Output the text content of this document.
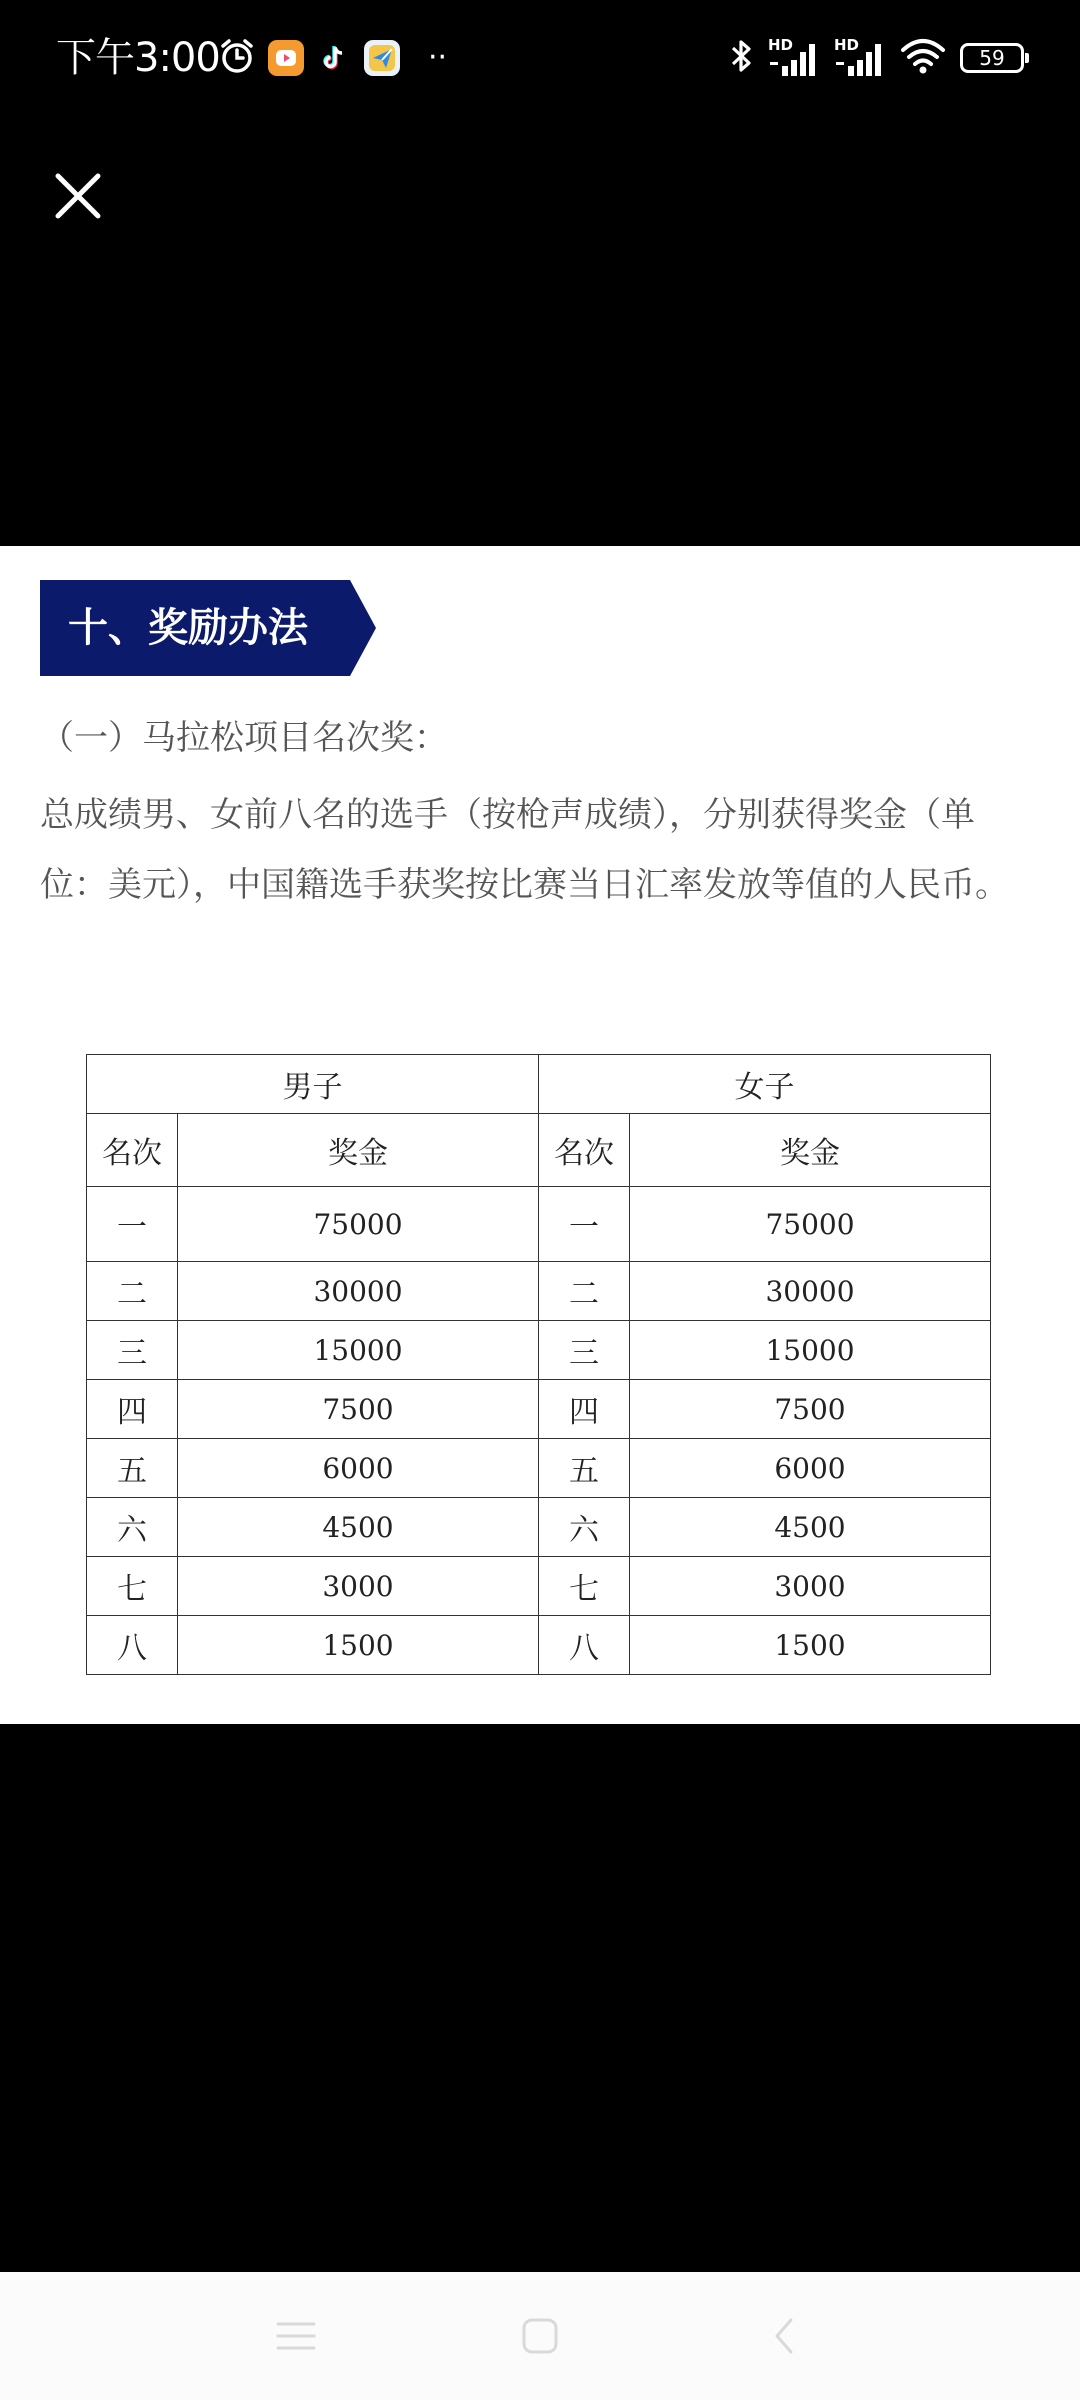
下午3:00	··	HD	HD
59
十、奖励办法
（一）马拉松项目名次奖：
总成绩男、女前八名的选手（按枪声成绩），分别获得奖金（单位：美元），中国籍选手获奖按比赛当日汇率发放等值的人民币。
男子		女子	
名次	奖金	名次	奖金
一	75000	一	75000
二	30000	二	30000
三	15000	三	15000
四	7500	四	7500
五	6000	五	6000
六	4500	六	4500
七	3000	七	3000
八	1500	八	1500
